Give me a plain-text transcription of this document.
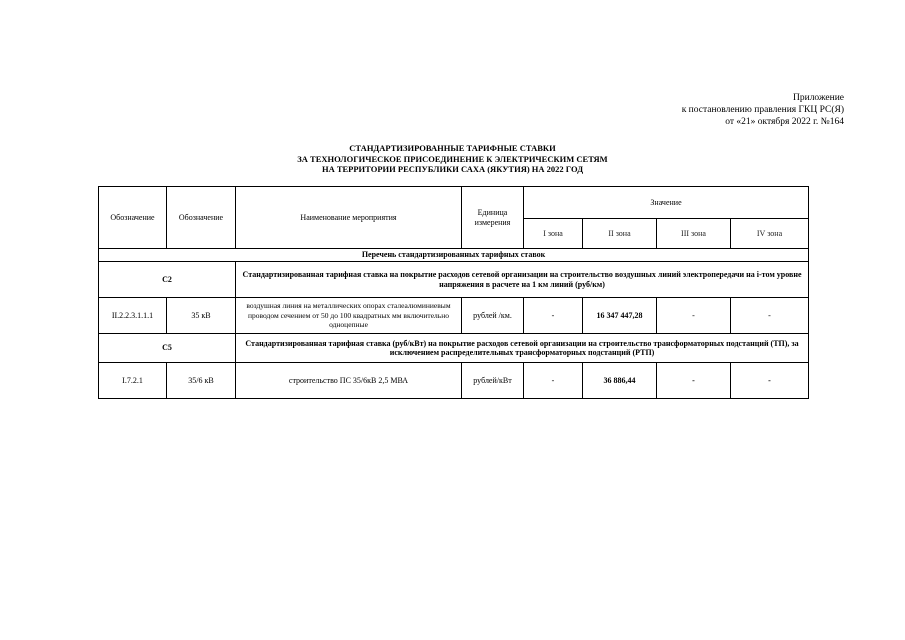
Приложение
к постановлению правления ГКЦ РС(Я)
от «21» октября 2022 г. №164
СТАНДАРТИЗИРОВАННЫЕ ТАРИФНЫЕ СТАВКИ
ЗА ТЕХНОЛОГИЧЕСКОЕ ПРИСОЕДИНЕНИЕ К ЭЛЕКТРИЧЕСКИМ СЕТЯМ
НА ТЕРРИТОРИИ РЕСПУБЛИКИ САХА (ЯКУТИЯ) НА 2022 ГОД
Обозначение	Обозначение	Наименование мероприятия	Единица измерения	Значение			
				I зона	II зона	III зона	IV зона
Перечень стандартизированных тарифных ставок							
С2		Стандартизированная тарифная ставка на покрытие расходов сетевой организации на строительство воздушных линий электропередачи на i-том уровне напряжения в расчете на 1 км линий (руб/км)					
II.2.2.3.1.1.1	35 кВ	воздушная линия на металлических опорах сталеалюминиевым проводом сечением от 50 до 100 квадратных мм включительно одноцепные	рублей /км.	-	16 347 447,28	-	-
С5		Стандартизированная тарифная ставка (руб/кВт) на покрытие расходов сетевой организации на строительство трансформаторных подстанций (ТП), за исключением распределительных трансформаторных подстанций (РТП)					
I.7.2.1	35/6 кВ	строительство ПС 35/6кВ 2,5 МВА	рублей/кВт	-	36 886,44	-	-
